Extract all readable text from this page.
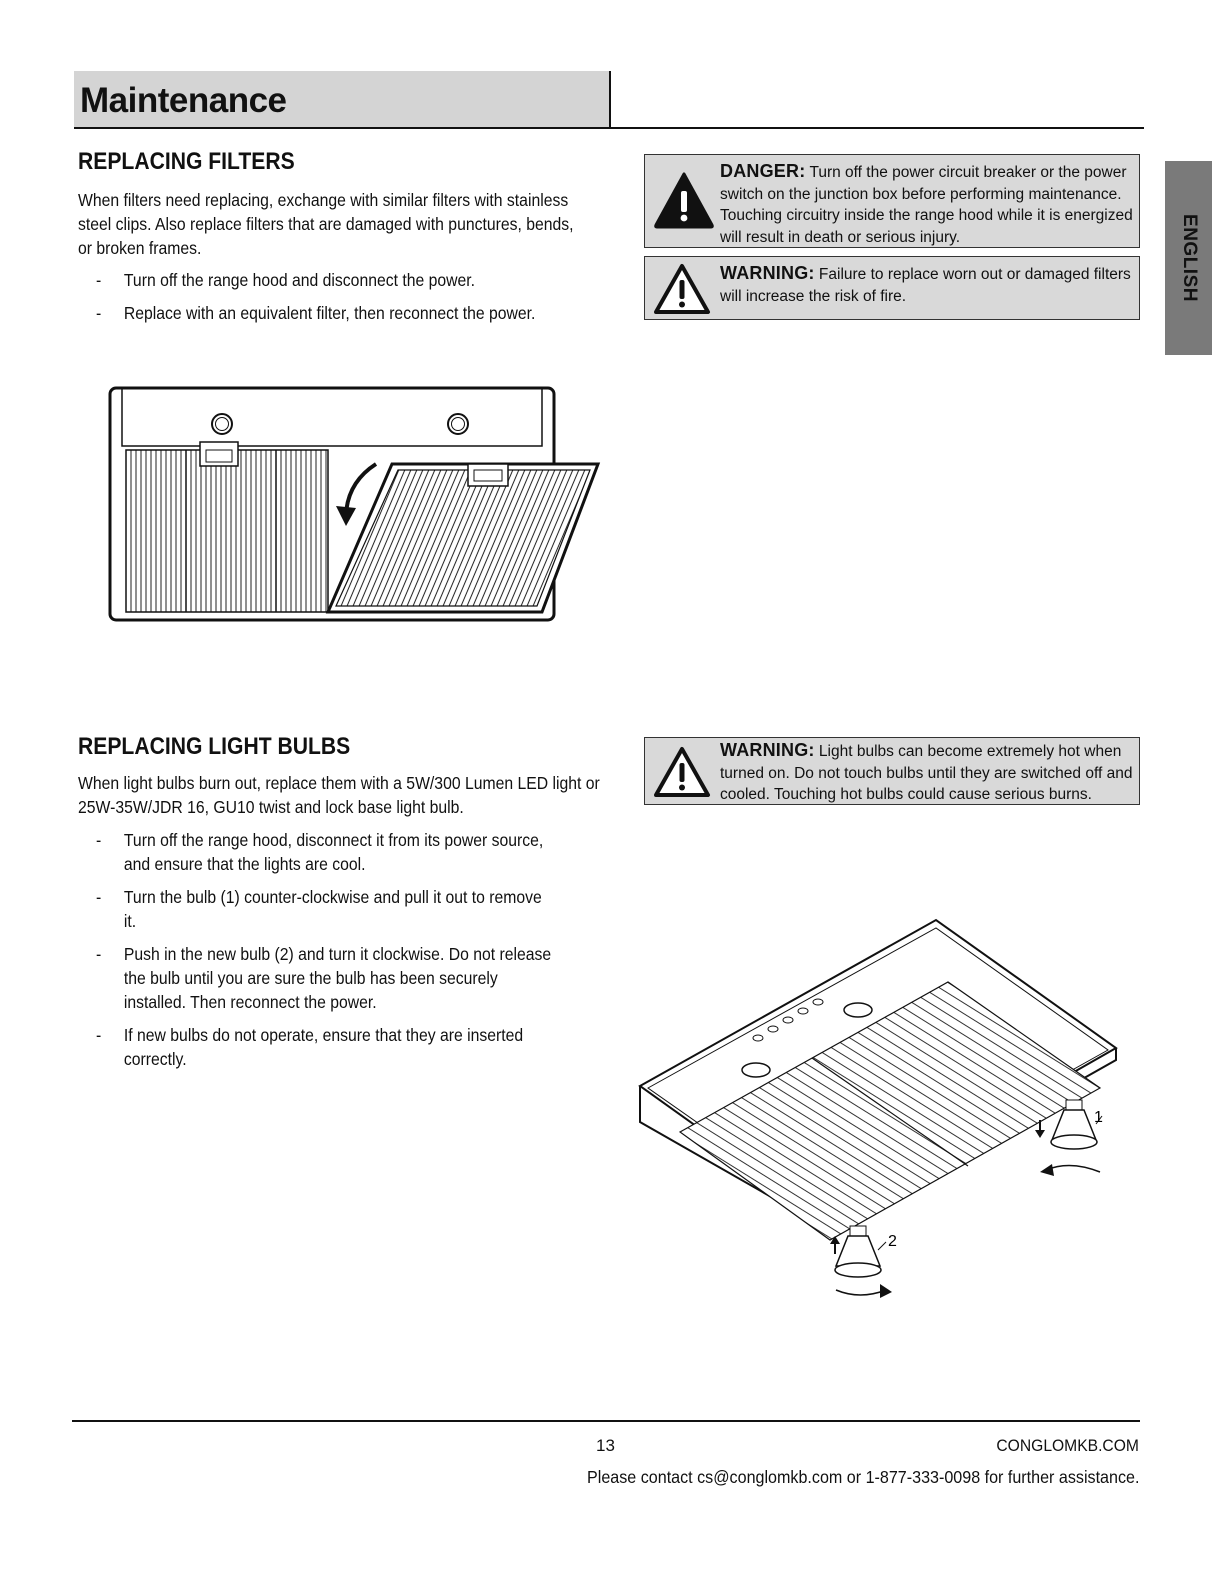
Maintenance
ENGLISH
REPLACING FILTERS
When filters need replacing, exchange with similar filters with stainless steel clips. Also replace filters that are damaged with punctures, bends, or broken frames.
- Turn off the range hood and disconnect the power.
- Replace with an equivalent filter, then reconnect the power.
DANGER: Turn off the power circuit breaker or the power switch on the junction box before performing maintenance. Touching circuitry inside the range hood while it is energized will result in death or serious injury.
WARNING: Failure to replace worn out or damaged filters will increase the risk of fire.
REPLACING LIGHT BULBS
When light bulbs burn out, replace them with a 5W/300 Lumen LED light or 25W-35W/JDR 16, GU10 twist and lock base light bulb.
- Turn off the range hood, disconnect it from its power source, and ensure that the lights are cool.
- Turn the bulb (1) counter-clockwise and pull it out to remove it.
- Push in the new bulb (2) and turn it clockwise. Do not release the bulb until you are sure the bulb has been securely installed. Then reconnect the power.
- If new bulbs do not operate, ensure that they are inserted correctly.
WARNING: Light bulbs can become extremely hot when turned on. Do not touch bulbs until they are switched off and cooled. Touching hot bulbs could cause serious burns.
1
2
13	CONGLOMKB.COM
Please contact cs@conglomkb.com or 1-877-333-0098 for further assistance.
